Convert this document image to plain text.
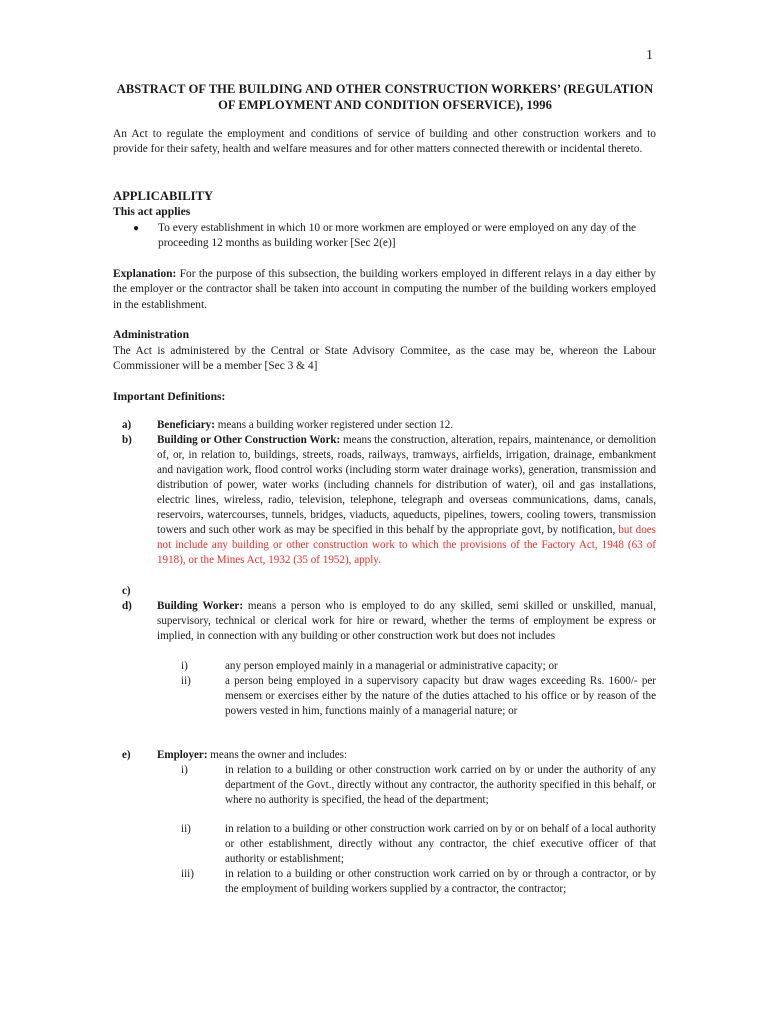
1
ABSTRACT OF THE BUILDING AND OTHER CONSTRUCTION WORKERS’ (REGULATION OF EMPLOYMENT AND CONDITION OFSERVICE), 1996
An Act to regulate the employment and conditions of service of building and other construction workers and to provide for their safety, health and welfare measures and for other matters connected therewith or incidental thereto.
APPLICABILITY
This act applies
● To every establishment in which 10 or more workmen are employed or were employed on any day of the proceeding 12 months as building worker [Sec 2(e)]
Explanation: For the purpose of this subsection, the building workers employed in different relays in a day either by the employer or the contractor shall be taken into account in computing the number of the building workers employed in the establishment.
Administration
The Act is administered by the Central or State Advisory Commitee, as the case may be, whereon the Labour Commissioner will be a member [Sec 3 & 4]
Important Definitions:
a) Beneficiary: means a building worker registered under section 12.
b) Building or Other Construction Work: means the construction, alteration, repairs, maintenance, or demolition of, or, in relation to, buildings, streets, roads, railways, tramways, airfields, irrigation, drainage, embankment and navigation work, flood control works (including storm water drainage works), generation, transmission and distribution of power, water works (including channels for distribution of water), oil and gas installations, electric lines, wireless, radio, television, telephone, telegraph and overseas communications, dams, canals, reservoirs, watercourses, tunnels, bridges, viaducts, aqueducts, pipelines, towers, cooling towers, transmission towers and such other work as may be specified in this behalf by the appropriate govt, by notification, but does not include any building or other construction work to which the provisions of the Factory Act, 1948 (63 of 1918), or the Mines Act, 1932 (35 of 1952), apply.
c)
d) Building Worker: means a person who is employed to do any skilled, semi skilled or unskilled, manual, supervisory, technical or clerical work for hire or reward, whether the terms of employment be express or implied, in connection with any building or other construction work but does not includes
i)	any person employed mainly in a managerial or administrative capacity; or
ii)	a person being employed in a supervisory capacity but draw wages exceeding Rs. 1600/- per mensem or exercises either by the nature of the duties attached to his office or by reason of the powers vested in him, functions mainly of a managerial nature; or
e) Employer: means the owner and includes:
i)	in relation to a building or other construction work carried on by or under the authority of any department of the Govt., directly without any contractor, the authority specified in this behalf, or where no authority is specified, the head of the department;
ii)	in relation to a building or other construction work carried on by or on behalf of a local authority or other establishment, directly without any contractor, the chief executive officer of that authority or establishment;
iii)	in relation to a building or other construction work carried on by or through a contractor, or by the employment of building workers supplied by a contractor, the contractor;
